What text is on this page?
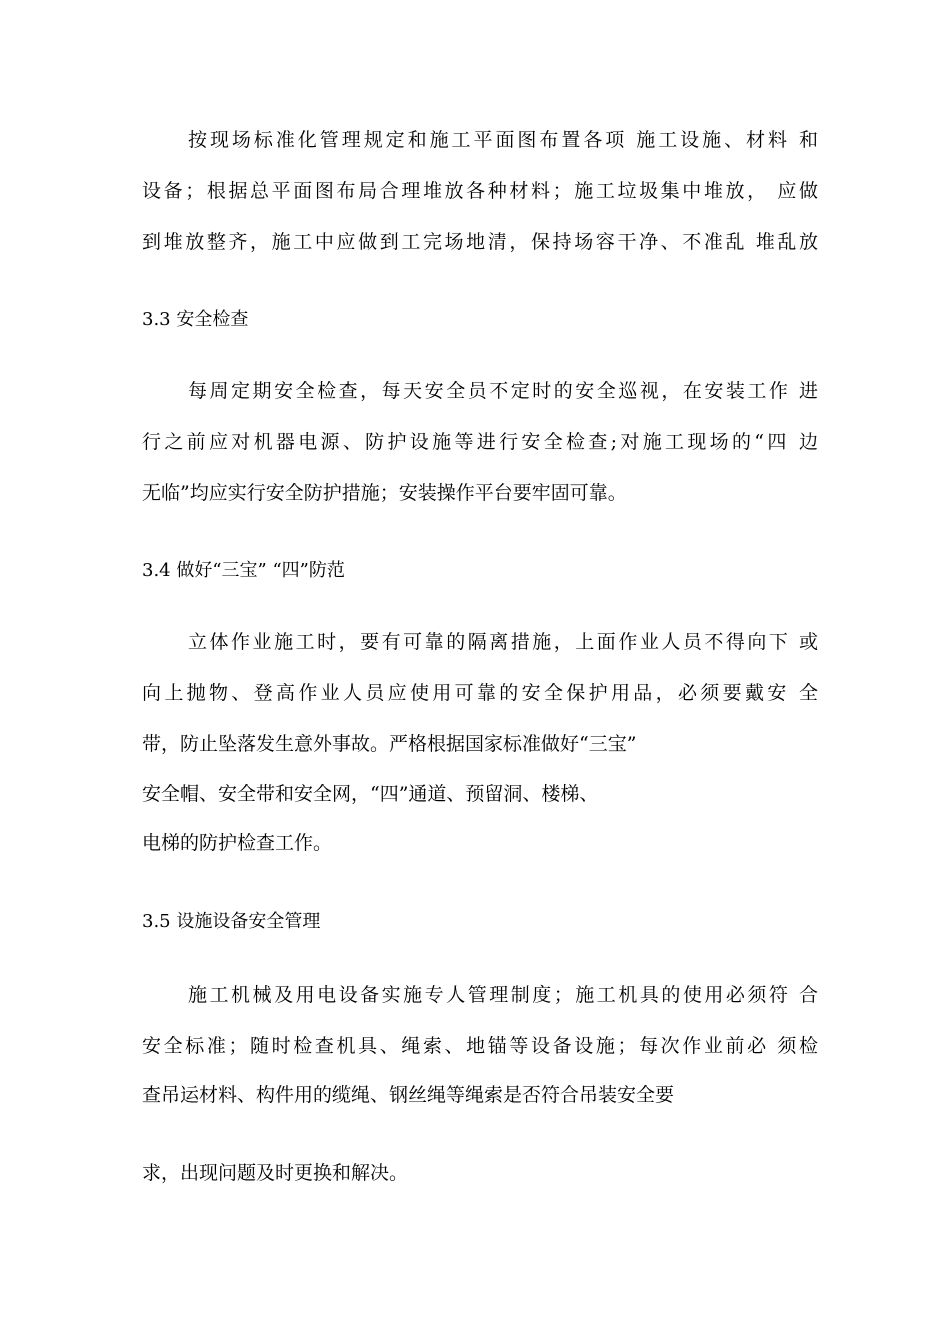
按现场标准化管理规定和施工平面图布置各项 施工设施、材料 和
设备；根据总平面图布局合理堆放各种材料；施工垃圾集中堆放， 应做
到堆放整齐，施工中应做到工完场地清，保持场容干净、不准乱 堆乱放
3.3 安全检查
每周定期安全检查，每天安全员不定时的安全巡视，在安装工作 进
行之前应对机器电源、防护设施等进行安全检查;对施工现场的“四 边
无临”均应实行安全防护措施；安装操作平台要牢固可靠。
3.4 做好“三宝” “四”防范
立体作业施工时，要有可靠的隔离措施，上面作业人员不得向下 或
向上抛物、登高作业人员应使用可靠的安全保护用品，必须要戴安 全
带，防止坠落发生意外事故。严格根据国家标准做好“三宝”
安全帽、安全带和安全网，“四”通道、预留洞、楼梯、
电梯的防护检查工作。
3.5 设施设备安全管理
施工机械及用电设备实施专人管理制度；施工机具的使用必须符 合
安全标准；随时检查机具、绳索、地锚等设备设施；每次作业前必 须检
查吊运材料、构件用的缆绳、钢丝绳等绳索是否符合吊装安全要
求，出现问题及时更换和解决。
